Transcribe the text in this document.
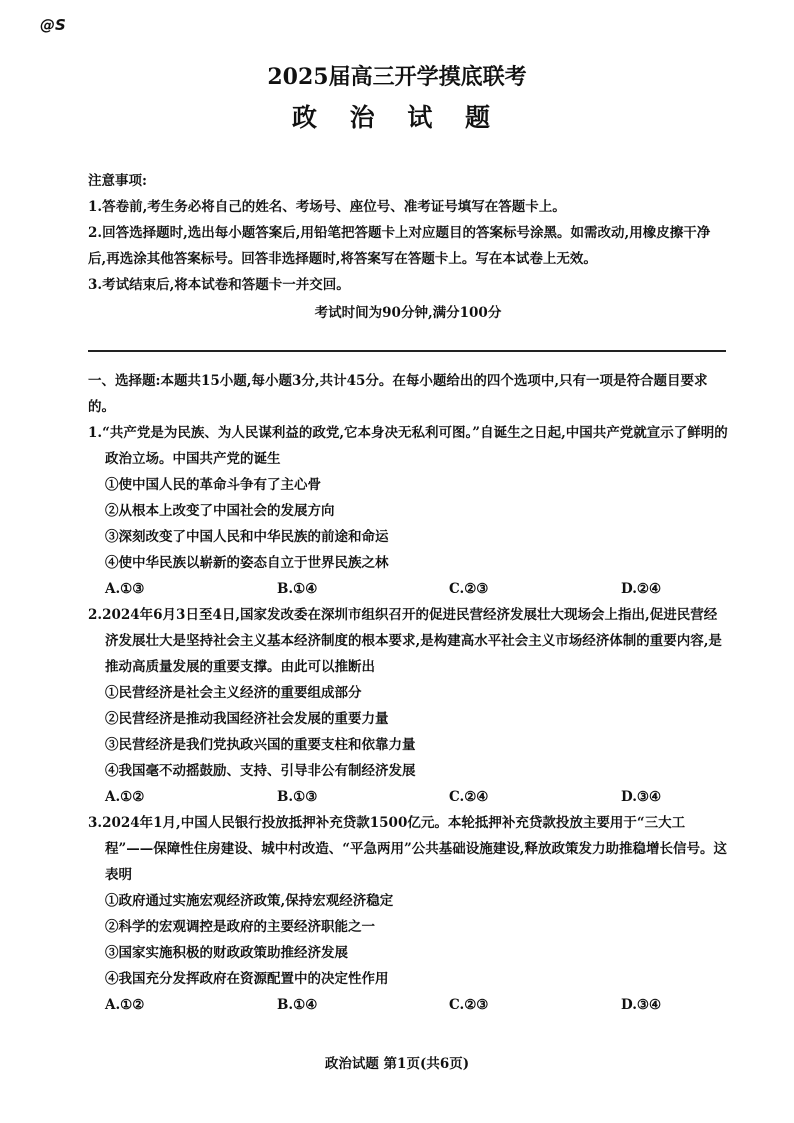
@S
2025届高三开学摸底联考
政 治 试 题

注意事项:

1.答卷前,考生务必将自己的姓名、考场号、座位号、准考证号填写在答题卡上。

2.回答选择题时,选出每小题答案后,用铅笔把答题卡上对应题目的答案标号涂黑。如需改动,用橡皮擦干净后,再选涂其他答案标号。回答非选择题时,将答案写在答题卡上。写在本试卷上无效。

3.考试结束后,将本试卷和答题卡一并交回。

考试时间为90分钟,满分100分

一、选择题:本题共15小题,每小题3分,共计45分。在每小题给出的四个选项中,只有一项是符合题目要求的。

1.“共产党是为民族、为人民谋利益的政党,它本身决无私利可图。”自诞生之日起,中国共产党就宣示了鲜明的政治立场。中国共产党的诞生

①使中国人民的革命斗争有了主心骨

②从根本上改变了中国社会的发展方向

③深刻改变了中国人民和中华民族的前途和命运

④使中华民族以崭新的姿态自立于世界民族之林

A.①③	B.①④	C.②③	D.②④

2.2024年6月3日至4日,国家发改委在深圳市组织召开的促进民营经济发展壮大现场会上指出,促进民营经济发展壮大是坚持社会主义基本经济制度的根本要求,是构建高水平社会主义市场经济体制的重要内容,是推动高质量发展的重要支撑。由此可以推断出

①民营经济是社会主义经济的重要组成部分

②民营经济是推动我国经济社会发展的重要力量

③民营经济是我们党执政兴国的重要支柱和依靠力量

④我国毫不动摇鼓励、支持、引导非公有制经济发展

A.①②	B.①③	C.②④	D.③④

3.2024年1月,中国人民银行投放抵押补充贷款1500亿元。本轮抵押补充贷款投放主要用于“三大工程”——保障性住房建设、城中村改造、“平急两用”公共基础设施建设,释放政策发力助推稳增长信号。这表明

①政府通过实施宏观经济政策,保持宏观经济稳定

②科学的宏观调控是政府的主要经济职能之一

③国家实施积极的财政政策助推经济发展

④我国充分发挥政府在资源配置中的决定性作用

A.①②	B.①④	C.②③	D.③④
政治试题 第1页(共6页)
